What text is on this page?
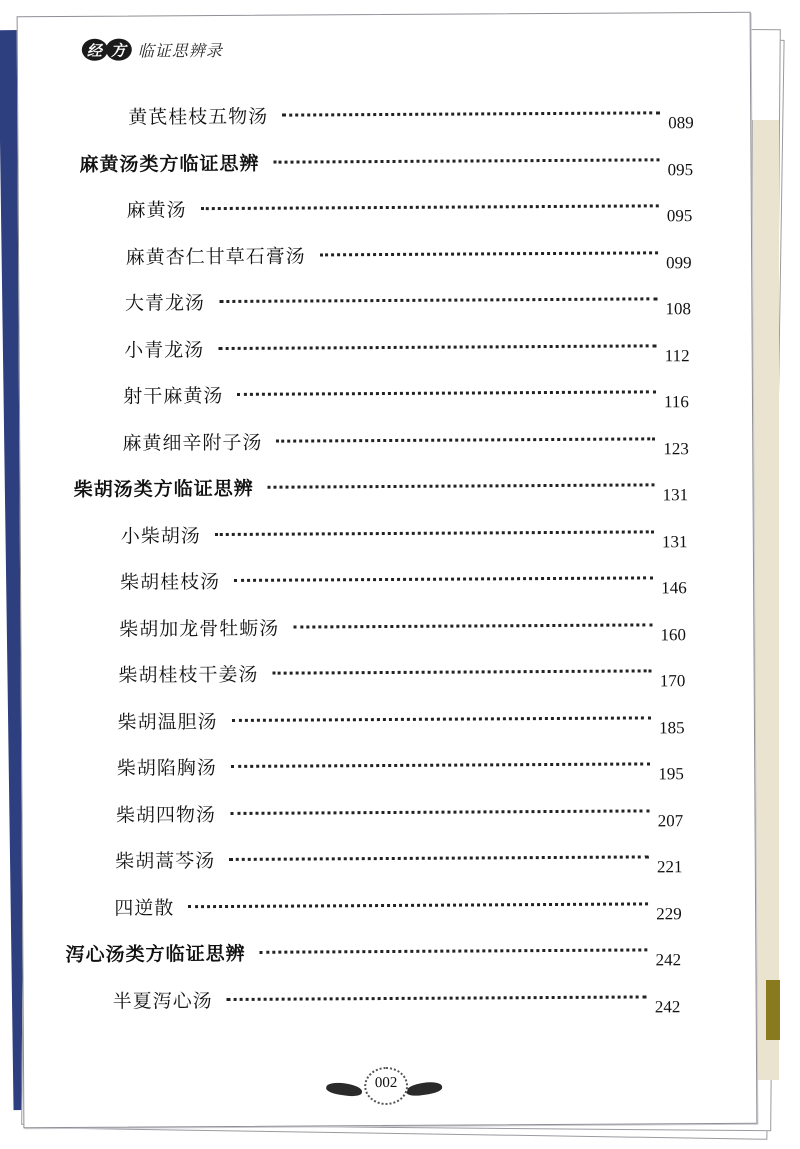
经 方 临证思辨录
黄芪桂枝五物汤	089
麻黄汤类方临证思辨	095
麻黄汤	095
麻黄杏仁甘草石膏汤	099
大青龙汤	108
小青龙汤	112
射干麻黄汤	116
麻黄细辛附子汤	123
柴胡汤类方临证思辨	131
小柴胡汤	131
柴胡桂枝汤	146
柴胡加龙骨牡蛎汤	160
柴胡桂枝干姜汤	170
柴胡温胆汤	185
柴胡陷胸汤	195
柴胡四物汤	207
柴胡蒿芩汤	221
四逆散	229
泻心汤类方临证思辨	242
半夏泻心汤	242
002
